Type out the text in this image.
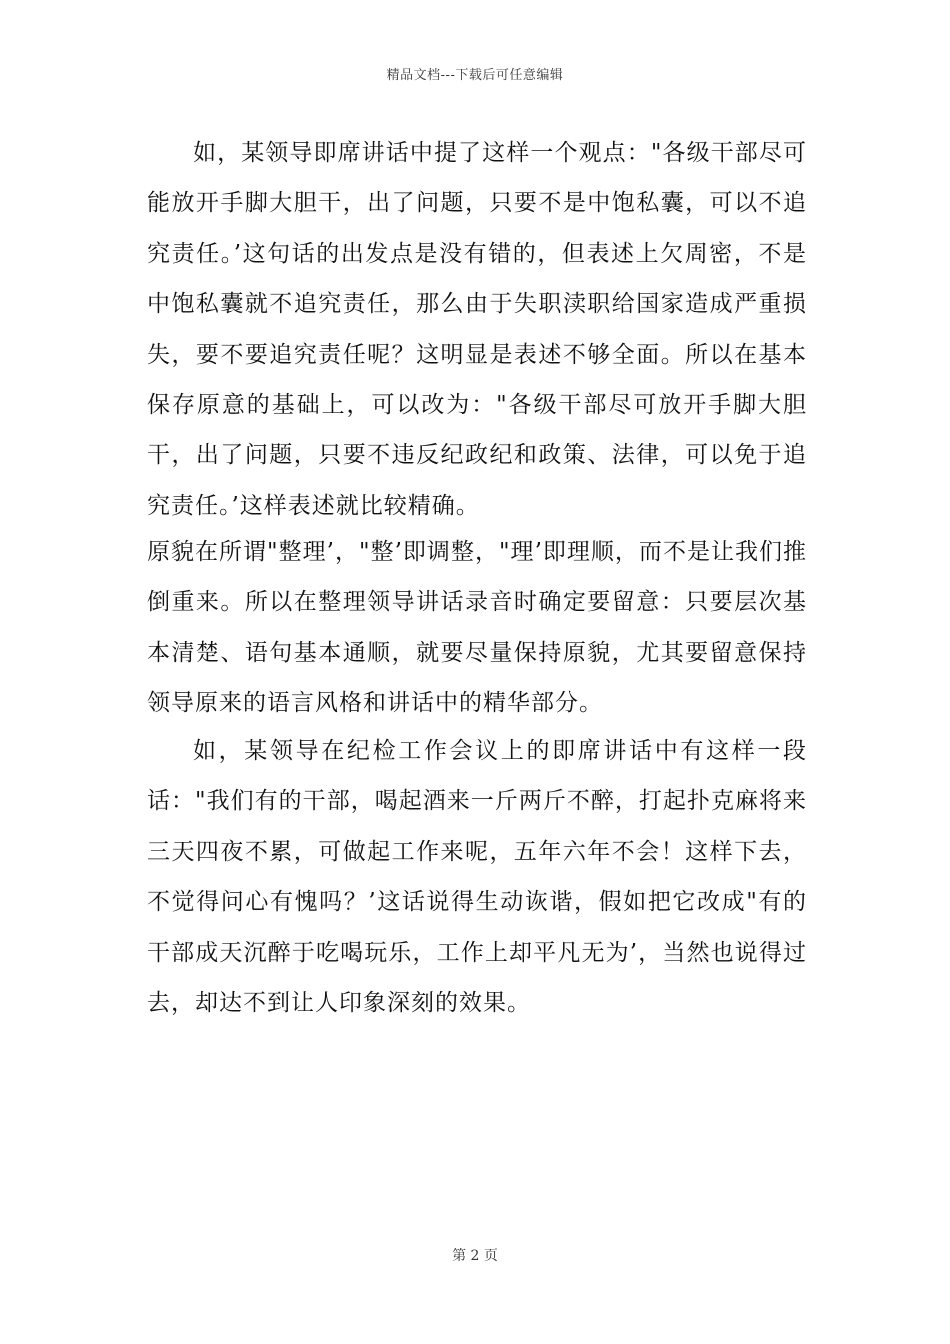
精品文档---下载后可任意编辑

如，某领导即席讲话中提了这样一个观点："各级干部尽可能放开手脚大胆干，出了问题，只要不是中饱私囊，可以不追究责任。’这句话的出发点是没有错的，但表述上欠周密，不是中饱私囊就不追究责任，那么由于失职渎职给国家造成严重损失，要不要追究责任呢？这明显是表述不够全面。所以在基本保存原意的基础上，可以改为："各级干部尽可放开手脚大胆干，出了问题，只要不违反纪政纪和政策、法律，可以免于追究责任。’这样表述就比较精确。

原貌在所谓"整理’，"整’即调整，"理’即理顺，而不是让我们推倒重来。所以在整理领导讲话录音时确定要留意：只要层次基本清楚、语句基本通顺，就要尽量保持原貌，尤其要留意保持领导原来的语言风格和讲话中的精华部分。

如，某领导在纪检工作会议上的即席讲话中有这样一段话："我们有的干部，喝起酒来一斤两斤不醉，打起扑克麻将来三天四夜不累，可做起工作来呢，五年六年不会！这样下去，不觉得问心有愧吗？’这话说得生动诙谐，假如把它改成"有的干部成天沉醉于吃喝玩乐，工作上却平凡无为’，当然也说得过去，却达不到让人印象深刻的效果。

第 2 页
